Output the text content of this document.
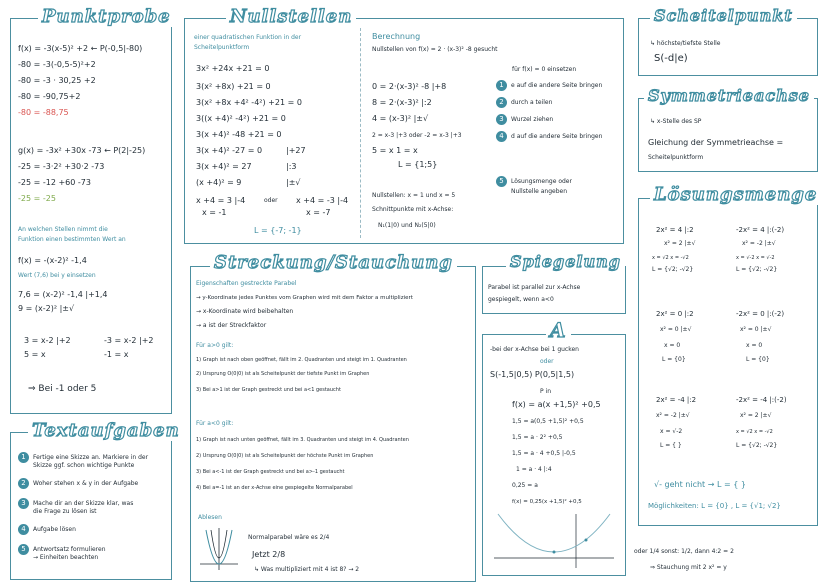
Punktprobe
f(x) = -3(x-5)² +2 ← P(-0,5|-80)
-80 = -3(-0,5-5)²+2
-80 = -3 · 30,25 +2
-80 = -90,75+2
-80 = -88,75
g(x) = -3x² +30x -73 ← P(2|-25)
-25 = -3·2² +30·2 -73
-25 = -12 +60 -73
-25 = -25
An welchen Stellen nimmt die
Funktion einen bestimmten Wert an
f(x) = -(x-2)² -1,4
Wert (7,6) bei y einsetzen
7,6 = (x-2)² -1,4 |+1,4
9 = (x-2)² |±√
3 = x-2 |+2
5 = x
-3 = x-2 |+2
-1 = x
⇒ Bei -1 oder 5
Textaufgaben
1 Fertige eine Skizze an. Markiere in der
Skizze ggf. schon wichtige Punkte
2 Woher stehen x & y in der Aufgabe
3 Mache dir an der Skizze klar, was
die Frage zu lösen ist
4 Aufgabe lösen
5 Antwortsatz formulieren
→ Einheiten beachten
Nullstellen
einer quadratischen Funktion in der
Scheitelpunktform
3x² +24x +21 = 0
3(x² +8x) +21 = 0
3(x² +8x +4² -4²) +21 = 0
3((x +4)² -4²) +21 = 0
3(x +4)² -48 +21 = 0
3(x +4)² -27 = 0
3(x +4)² = 27
(x +4)² = 9
x +4 = 3 |-4
x = -1
|+27
|:3
|±√
oder x +4 = -3 |-4
x = -7
L = {-7; -1}
Berechnung
Nullstellen von f(x) = 2 · (x-3)² -8 gesucht
für f(x) = 0 einsetzen
0 = 2·(x-3)² -8 |+8
8 = 2·(x-3)² |:2
4 = (x-3)² |±√
2 = x-3 |+3 oder -2 = x-3 |+3
5 = x 1 = x
L = {1;5}
1 e auf die andere Seite bringen
2 durch a teilen
3 Wurzel ziehen
4 d auf die andere Seite bringen
5 Lösungsmenge oder
Nullstelle angeben
Nullstellen: x = 1 und x = 5
Schnittpunkte mit x-Achse:
N₁(1|0) und N₂(5|0)
Scheitelpunkt
↳ höchste/tiefste Stelle
S(-d|e)
Symmetrieachse
↳ x-Stelle des SP
Gleichung der Symmetrieachse =
Scheitelpunktform
Lösungsmenge
2x² = 4 |:2
x² = 2 |±√
x = √2 x = -√2
L = {√2; -√2}
-2x² = 4 |:(-2)
x² = -2 |±√
x = √-2 x = √-2
L = {√2; -√2}
2x² = 0 |:2
x² = 0 |±√
x = 0
L = {0}
-2x² = 0 |:(-2)
x² = 0 |±√
x = 0
L = {0}
2x² = -4 |:2
x² = -2 |±√
x = √-2
L = { }
-2x² = -4 |:(-2)
x² = 2 |±√
x = √2 x = -√2
L = {√2; -√2}
√- geht nicht → L = { }
Möglichkeiten: L = {0} , L = {√1; √2}
Streckung/Stauchung
Eigenschaften gestreckte Parabel
→ y-Koordinate jedes Punktes vom Graphen wird mit dem Faktor a multipliziert
→ x-Koordinate wird beibehalten
→ a ist der Streckfaktor
Für a>0 gilt:
1) Graph ist nach oben geöffnet, fällt im 2. Quadranten und steigt im 1. Quadranten
2) Ursprung O(0|0) ist als Scheitelpunkt der tiefste Punkt im Graphen
3) Bei a>1 ist der Graph gestreckt und bei a<1 gestaucht
Für a<0 gilt:
1) Graph ist nach unten geöffnet, fällt im 3. Quadranten und steigt im 4. Quadranten
2) Ursprung O(0|0) ist als Scheitelpunkt der höchste Punkt im Graphen
3) Bei a<-1 ist der Graph gestreckt und bei a>-1 gestaucht
4) Bei a=-1 ist an der x-Achse eine gespiegelte Normalparabel
Ablesen
Normalparabel wäre es 2/4
Jetzt 2/8
↳ Was multipliziert mit 4 ist 8? → 2
Spiegelung
Parabel ist parallel zur x-Achse
gespiegelt, wenn a<0
A
-bei der x-Achse bei 1 gucken
oder
S(-1,5|0,5) P(0,5|1,5)
P in
f(x) = a(x +1,5)² +0,5
1,5 = a(0,5 +1,5)² +0,5
1,5 = a · 2² +0,5
1,5 = a · 4 +0,5 |-0,5
1 = a · 4 |:4
0,25 = a
f(x) = 0,25(x +1,5)² +0,5
oder 1/4 sonst: 1/2, dann 4:2 = 2
⇒ Stauchung mit 2 x² = y
